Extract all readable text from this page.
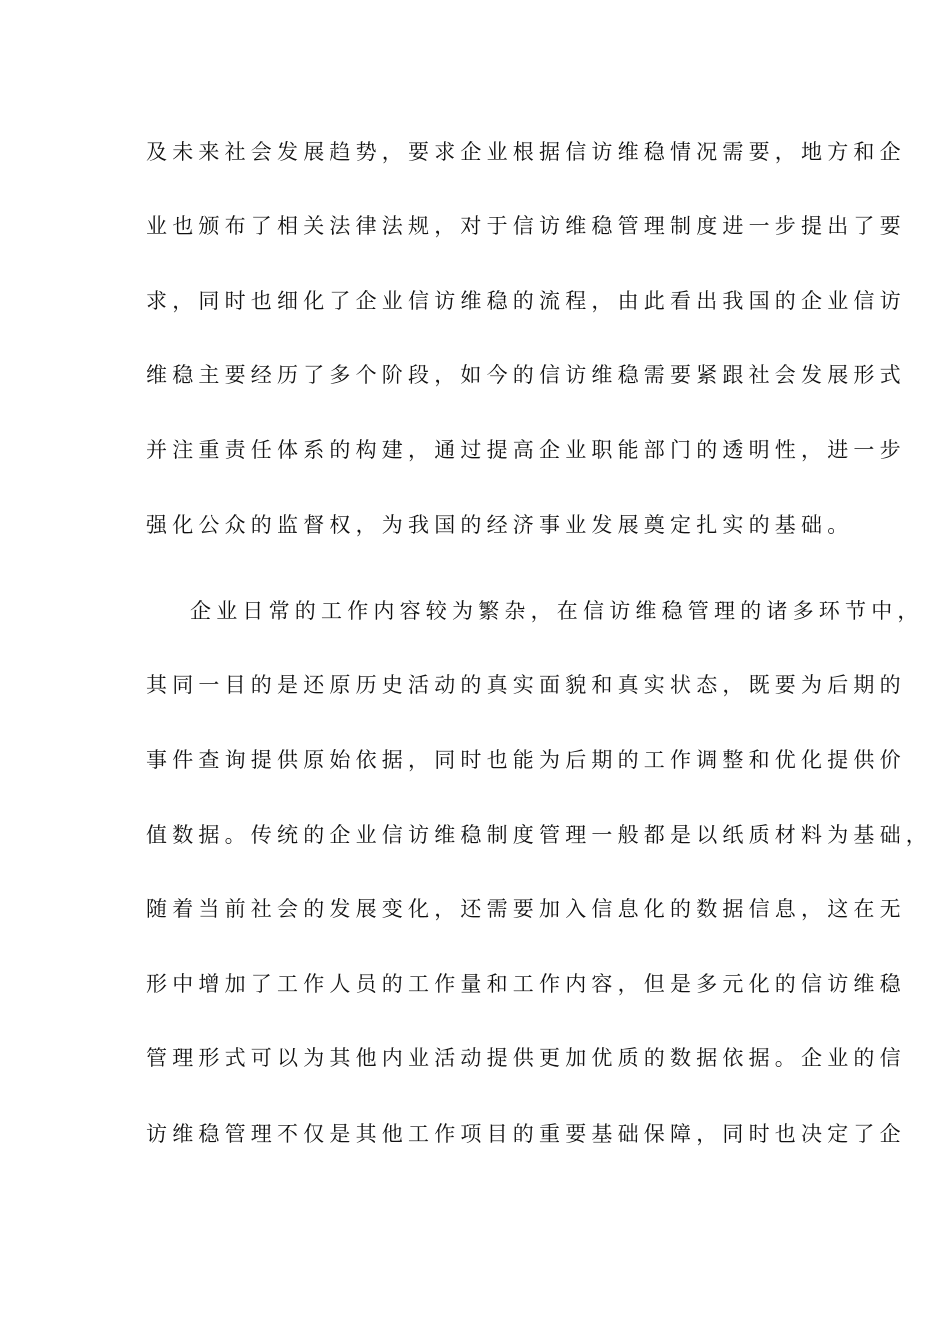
及未来社会发展趋势，要求企业根据信访维稳情况需要，地方和企
业也颁布了相关法律法规，对于信访维稳管理制度进一步提出了要
求，同时也细化了企业信访维稳的流程，由此看出我国的企业信访
维稳主要经历了多个阶段，如今的信访维稳需要紧跟社会发展形式
并注重责任体系的构建，通过提高企业职能部门的透明性，进一步
强化公众的监督权，为我国的经济事业发展奠定扎实的基础。
企业日常的工作内容较为繁杂，在信访维稳管理的诸多环节中，
其同一目的是还原历史活动的真实面貌和真实状态，既要为后期的
事件查询提供原始依据，同时也能为后期的工作调整和优化提供价
值数据。传统的企业信访维稳制度管理一般都是以纸质材料为基础，
随着当前社会的发展变化，还需要加入信息化的数据信息，这在无
形中增加了工作人员的工作量和工作内容，但是多元化的信访维稳
管理形式可以为其他内业活动提供更加优质的数据依据。企业的信
访维稳管理不仅是其他工作项目的重要基础保障，同时也决定了企
